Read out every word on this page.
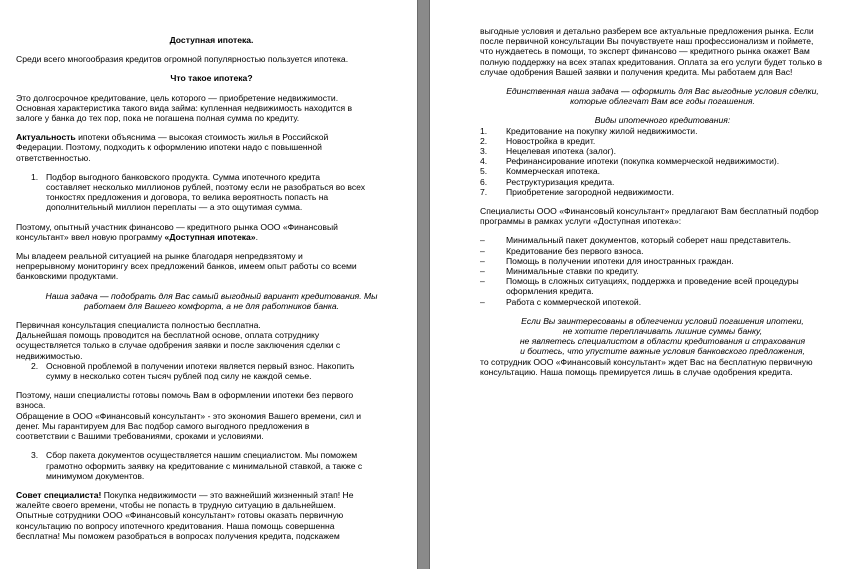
Доступная ипотека.

Среди всего многообразия кредитов огромной популярностью пользуется ипотека.

Что такое ипотека?

Это долгосрочное кредитование, цель которого — приобретение недвижимости.

Основная характеристика такого вида займа: купленная недвижимость находится в

залоге у банка до тех пор, пока не погашена полная сумма по кредиту.

Актуальность ипотеки объяснима — высокая стоимость жилья в Российской

Федерации. Поэтому, подходить к оформлению ипотеки надо с повышенной

ответственностью.

1. Подбор выгодного банковского продукта. Сумма ипотечного кредита

составляет несколько миллионов рублей, поэтому если не разобраться во всех

тонкостях предложения и договора, то велика вероятность попасть на

дополнительный миллион переплаты — а это ощутимая сумма.

Поэтому, опытный участник финансово — кредитного рынка ООО «Финансовый

консультант» ввел новую программу «Доступная ипотека».

Мы владеем реальной ситуацией на рынке благодаря непредвзятому и

непрерывному мониторингу всех предложений банков, имеем опыт работы со всеми

банковскими продуктами.

Наша задача — подобрать для Вас самый выгодный вариант кредитования. Мы

работаем для Вашего комфорта, а не для работников банка.

Первичная консультация специалиста полностью бесплатна.

Дальнейшая помощь проводится на бесплатной основе, оплата сотруднику

осуществляется только в случае одобрения заявки и после заключения сделки с

недвижимостью.

2. Основной проблемой в получении ипотеки является первый взнос. Накопить

сумму в несколько сотен тысяч рублей под силу не каждой семье.

Поэтому, наши специалисты готовы помочь Вам в оформлении ипотеки без первого

взноса.

Обращение в ООО «Финансовый консультант» - это экономия Вашего времени, сил и

денег. Мы гарантируем для Вас подбор самого выгодного предложения в

соответствии с Вашими требованиями, сроками и условиями.

3. Сбор пакета документов осуществляется нашим специалистом. Мы поможем

грамотно оформить заявку на кредитование с минимальной ставкой, а также с

минимумом документов.

Совет специалиста! Покупка недвижимости — это важнейший жизненный этап! Не

жалейте своего времени, чтобы не попасть в трудную ситуацию в дальнейшем.

Опытные сотрудники ООО «Финансовый консультант» готовы оказать первичную

консультацию по вопросу ипотечного кредитования. Наша помощь совершенна

бесплатна! Мы поможем разобраться в вопросах получения кредита, подскажем

выгодные условия и детально разберем все актуальные предложения рынка. Если

после первичной консультации Вы почувствуете наш профессионализм и поймете,

что нуждаетесь в помощи, то эксперт финансово — кредитного рынка окажет Вам

полную поддержку на всех этапах кредитования. Оплата за его услуги будет только в

случае одобрения Вашей заявки и получения кредита. Мы работаем для Вас!

Единственная наша задача — оформить для Вас выгодные условия сделки,

которые облегчат Вам все годы погашения.

Виды ипотечного кредитования:

1.	Кредитование на покупку жилой недвижимости.
2.	Новостройка в кредит.
3.	Нецелевая ипотека (залог).
4.	Рефинансирование ипотеки (покупка коммерческой недвижимости).
5.	Коммерческая ипотека.
6.	Реструктуризация кредита.
7.	Приобретение загородной недвижимости.

Специалисты ООО «Финансовый консультант» предлагают Вам бесплатный подбор

программы в рамках услуги «Доступная ипотека»:

–	Минимальный пакет документов, который соберет наш представитель.

–	Кредитование без первого взноса.

–	Помощь в получении ипотеки для иностранных граждан.

–	Минимальные ставки по кредиту.

–	Помощь в сложных ситуациях, поддержка и проведение всей процедуры

оформления кредита.

–	Работа с коммерческой ипотекой.

Если Вы заинтересованы в облегчении условий погашения ипотеки,

не хотите переплачивать лишние суммы банку,

не являетесь специалистом в области кредитования и страхования

и боитесь, что упустите важные условия банковского предложения,

то сотрудник ООО «Финансовый консультант» ждет Вас на бесплатную первичную

консультацию. Наша помощь премируется лишь в случае одобрения кредита.
